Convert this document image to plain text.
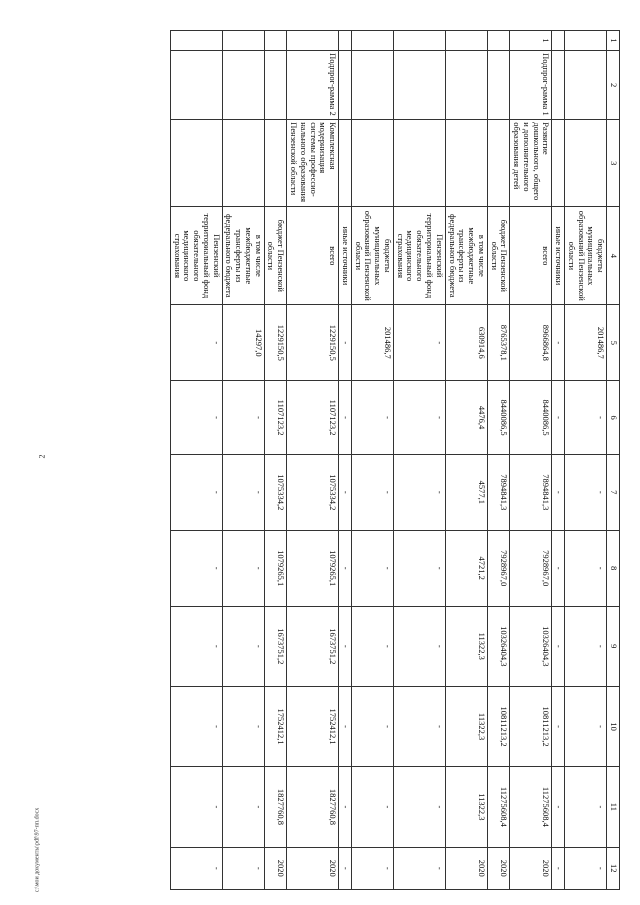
2
1	2	3	4	5	6	7	8	9	10	11	12
			бюджеты муниципальных образований Пензенской области	201486,7	-	-	-	-	-	-	-
			иные источники	-	-	-	-	-	-	-	-
1	Подпрог-рамма 1	Развитие дошкольного, общего и дополнительного образования детей	всего	8966864,8	8440086,5	7894841,3	7928967,0	10326404,3	10811213,2	11275608,4	2020
			бюджет Пензенской области	8765378,1	8440086,5	7894841,3	7928967,0	10326404,3	10811213,2	11275608,4	2020
			в том числе межбюджетные трансферты из федерального бюджета	630914,6	4476,4	4577,1	4721,2	11322,3	11322,3	11322,3	2020
			Пензенский территориальный фонд обязательного медицинского страхования	-	-	-	-	-	-	-	-
			бюджеты муниципальных образований Пензенской области	201486,7	-	-	-	-	-	-	-
			иные источники	-	-	-	-	-	-	-	-
	Подпрог-рамма 2	Комплексная модернизация системы профессио-нального образования Пензенской области	всего	1229150,5	1107123,2	1075334,2	1079265,1	1673751,2	1752412,1	1827760,8	2020
			бюджет Пензенской области	1229150,5	1107123,2	1075334,2	1079265,1	1673751,2	1752412,1	1827760,8	2020
			в том числе межбюджетные трансферты из федерального бюджета	14297,0	-	-	-	-	-	-	-
			Пензенский территориальный фонд обязательного медицинского страхования	-	-	-	-	-	-	-	-
c:\мои документы\pdf\97-пп.docx
